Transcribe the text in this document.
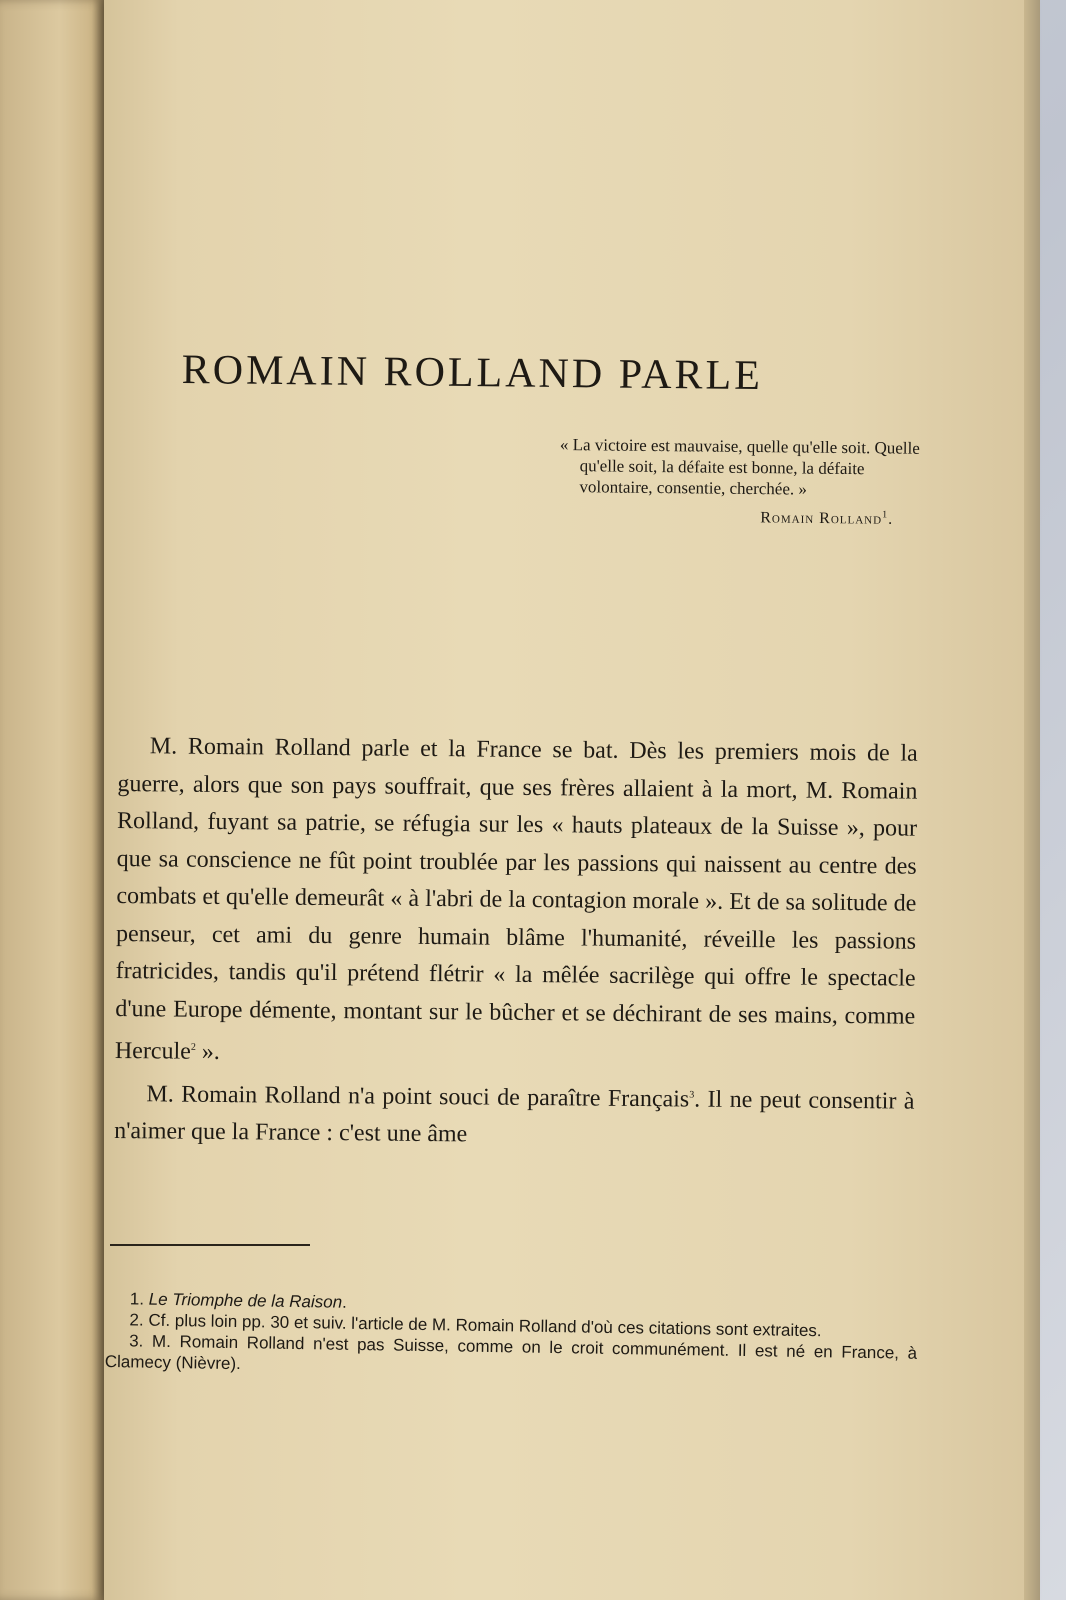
ROMAIN ROLLAND PARLE

« La victoire est mauvaise, quelle qu'elle soit. Quelle qu'elle soit, la défaite est bonne, la défaite volontaire, consentie, cherchée. »

Romain Rolland$^1$.

M. Romain Rolland parle et la France se bat. Dès les premiers mois de la guerre, alors que son pays souffrait, que ses frères allaient à la mort, M. Romain Rolland, fuyant sa patrie, se réfugia sur les « hauts plateaux de la Suisse », pour que sa conscience ne fût point troublée par les passions qui naissent au centre des combats et qu'elle demeurât « à l'abri de la contagion morale ». Et de sa solitude de penseur, cet ami du genre humain blâme l'humanité, réveille les passions fratricides, tandis qu'il prétend flétrir « la mêlée sacrilège qui offre le spectacle d'une Europe démente, montant sur le bûcher et se déchirant de ses mains, comme Hercule$^2$ ».

M. Romain Rolland n'a point souci de paraître Français$^3$. Il ne peut consentir à n'aimer que la France : c'est une âme

1. Le Triomphe de la Raison.

2. Cf. plus loin pp. 30 et suiv. l'article de M. Romain Rolland d'où ces citations sont extraites.

3. M. Romain Rolland n'est pas Suisse, comme on le croit communément. Il est né en France, à Clamecy (Nièvre).
